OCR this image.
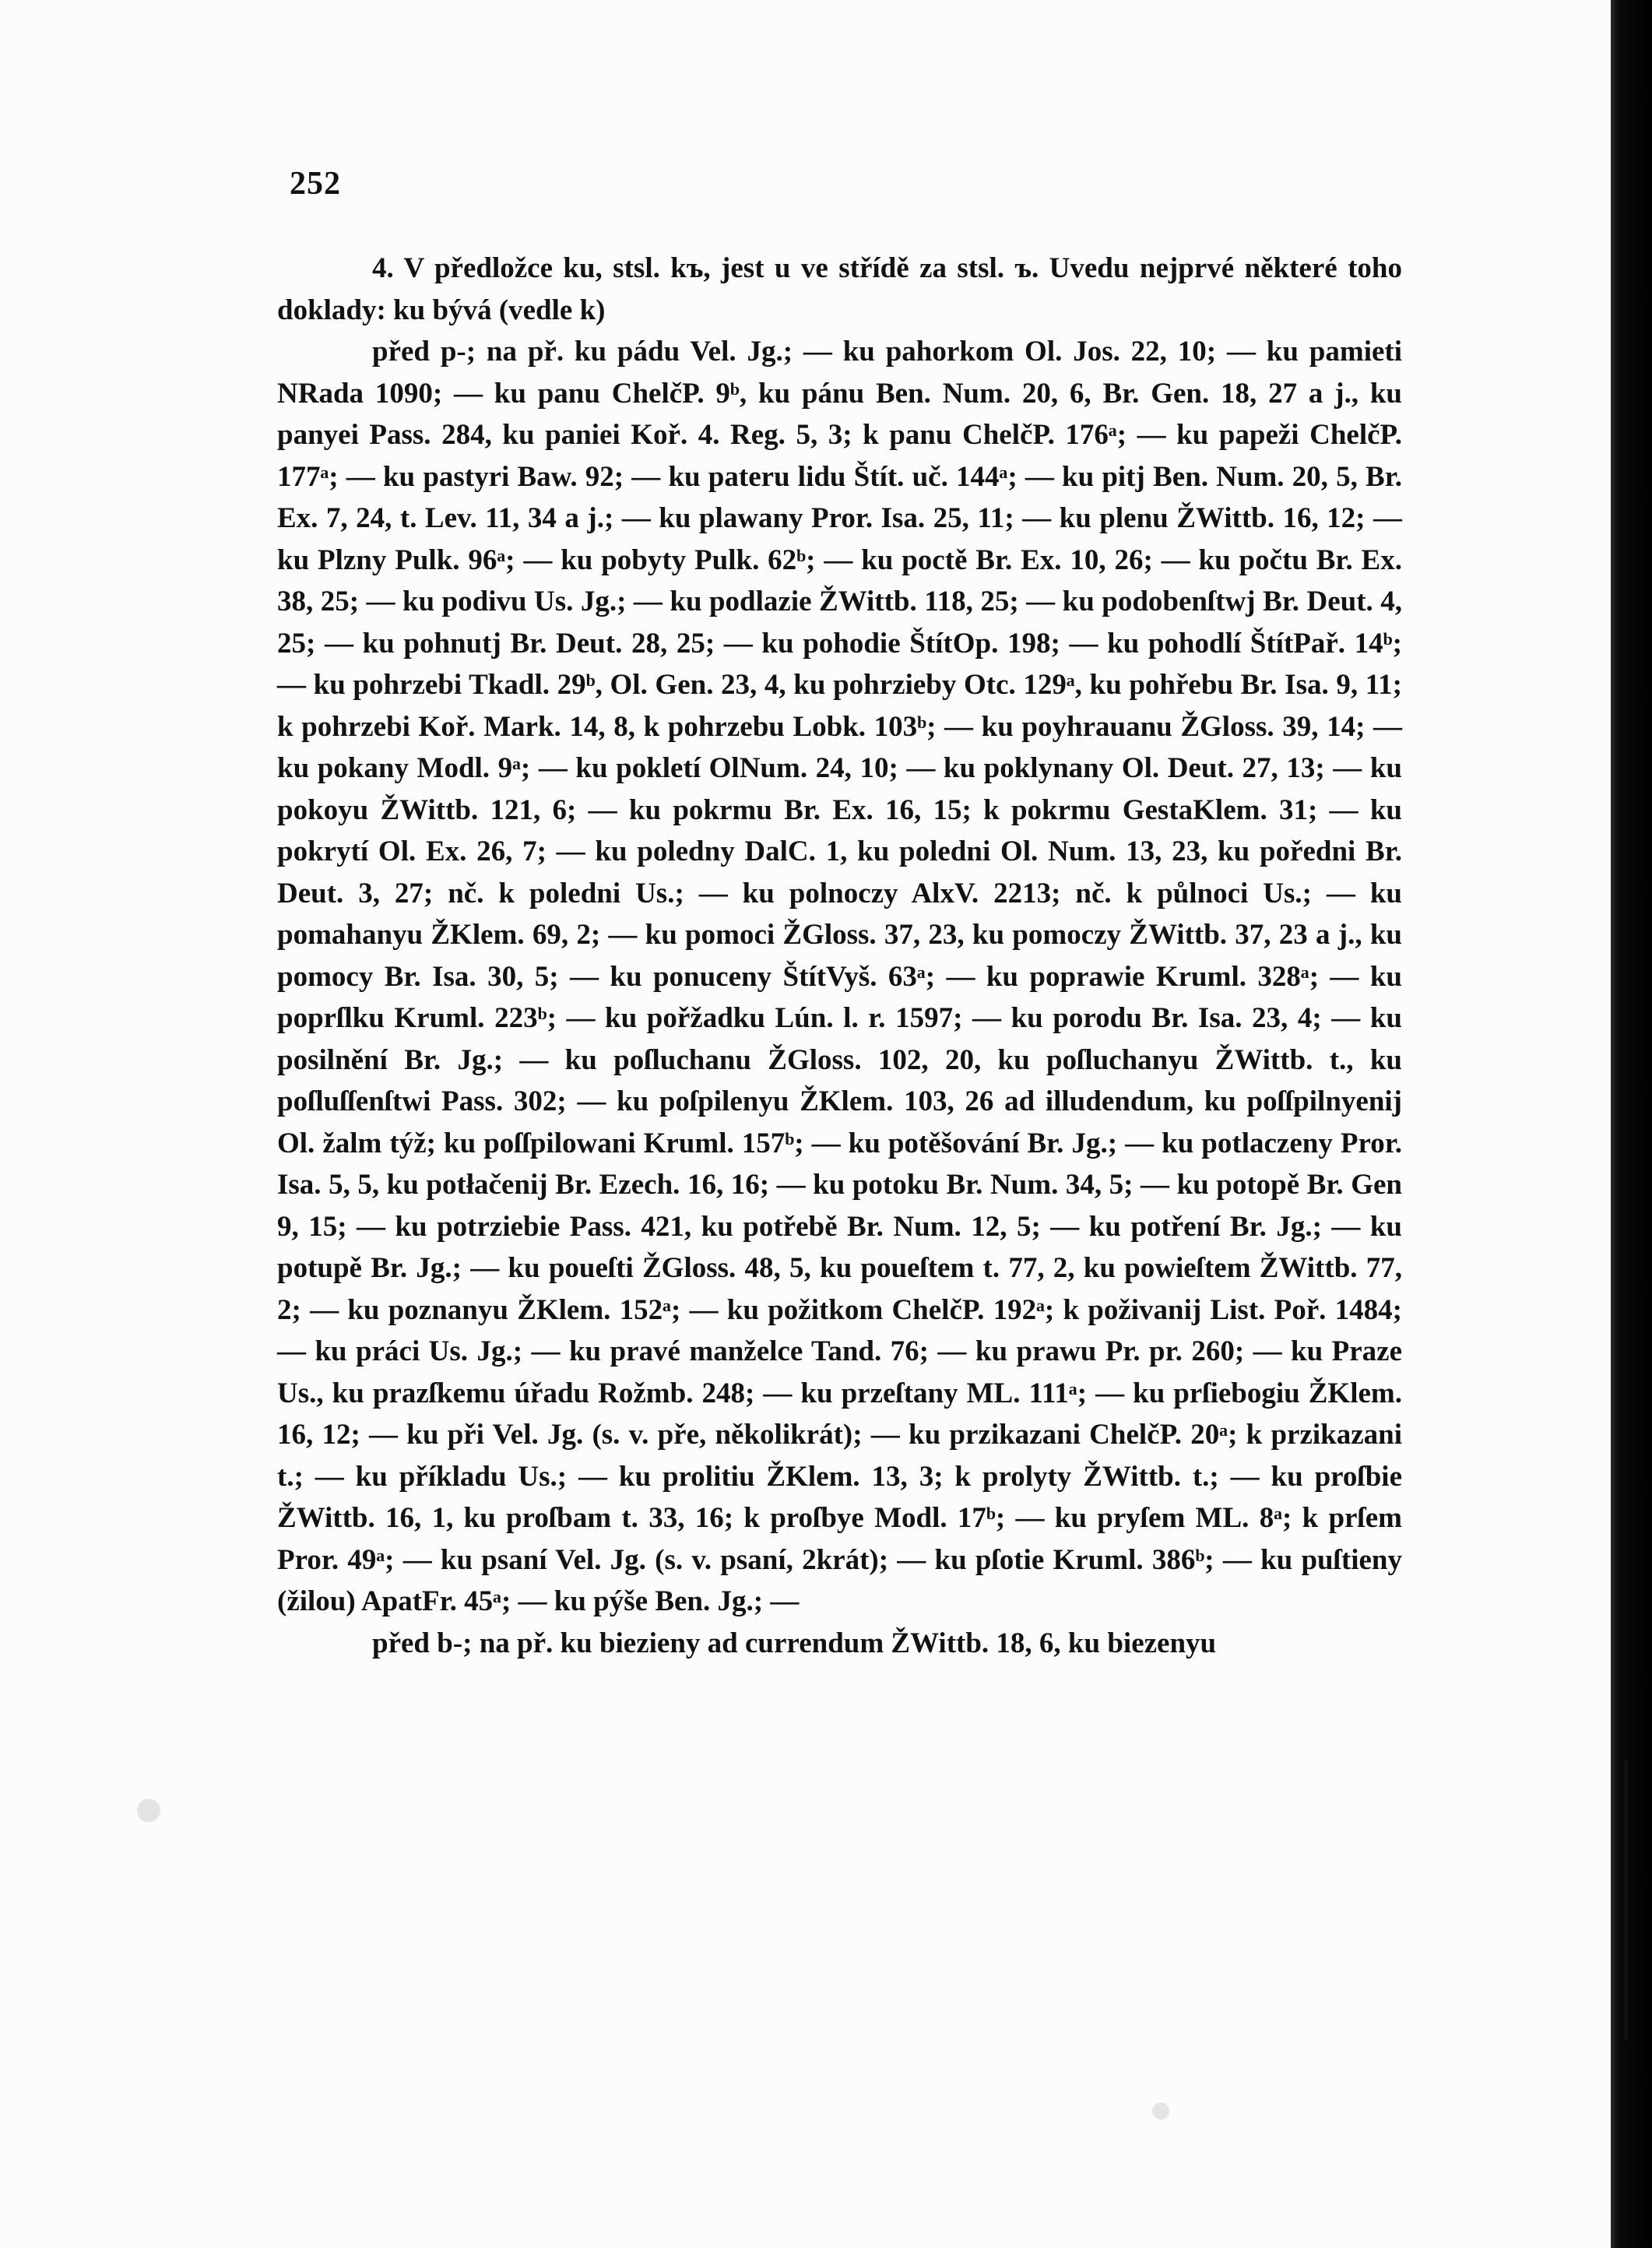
252

4. V předložce ku, stsl. kъ, jest u ve střídě za stsl. ъ. Uvedu nejprvé některé toho doklady: ku bývá (vedle k)

před p-; na př. ku pádu Vel. Jg.; — ku pahorkom Ol. Jos. 22, 10; — ku pamieti NRada 1090; — ku panu ChelčP. 9ᵇ, ku pánu Ben. Num. 20, 6, Br. Gen. 18, 27 a j., ku panyei Pass. 284, ku paniei Koř. 4. Reg. 5, 3; k panu ChelčP. 176ᵃ; — ku papeži ChelčP. 177ᵃ; — ku pastyri Baw. 92; — ku pateru lidu Štít. uč. 144ᵃ; — ku pitj Ben. Num. 20, 5, Br. Ex. 7, 24, t. Lev. 11, 34 a j.; — ku plawany Pror. Isa. 25, 11; — ku plenu ŽWittb. 16, 12; — ku Plzny Pulk. 96ᵃ; — ku pobyty Pulk. 62ᵇ; — ku poctě Br. Ex. 10, 26; — ku počtu Br. Ex. 38, 25; — ku podivu Us. Jg.; — ku podlazie ŽWittb. 118, 25; — ku podobenſtwj Br. Deut. 4, 25; — ku pohnutj Br. Deut. 28, 25; — ku pohodie ŠtítOp. 198; — ku pohodlí ŠtítPař. 14ᵇ; — ku pohrzebi Tkadl. 29ᵇ, Ol. Gen. 23, 4, ku pohrzieby Otc. 129ᵃ, ku pohřebu Br. Isa. 9, 11; k pohrzebi Koř. Mark. 14, 8, k pohrzebu Lobk. 103ᵇ; — ku poyhrauanu ŽGloss. 39, 14; — ku pokany Modl. 9ᵃ; — ku pokletí OlNum. 24, 10; — ku poklynany Ol. Deut. 27, 13; — ku pokoyu ŽWittb. 121, 6; — ku pokrmu Br. Ex. 16, 15; k pokrmu GestaKlem. 31; — ku pokrytí Ol. Ex. 26, 7; — ku poledny DalC. 1, ku poledni Ol. Num. 13, 23, ku poředni Br. Deut. 3, 27; nč. k poledni Us.; — ku polnoczy AlxV. 2213; nč. k půlnoci Us.; — ku pomahanyu ŽKlem. 69, 2; — ku pomoci ŽGloss. 37, 23, ku pomoczy ŽWittb. 37, 23 a j., ku pomocy Br. Isa. 30, 5; — ku ponuceny ŠtítVyš. 63ᵃ; — ku poprawie Kruml. 328ᵃ; — ku poprſlku Kruml. 223ᵇ; — ku pořžadku Lún. l. r. 1597; — ku porodu Br. Isa. 23, 4; — ku posilnění Br. Jg.; — ku poſluchanu ŽGloss. 102, 20, ku poſluchanyu ŽWittb. t., ku poſluſſenſtwi Pass. 302; — ku poſpilenyu ŽKlem. 103, 26 ad illudendum, ku poſſpilnyenij Ol. žalm týž; ku poſſpilowani Kruml. 157ᵇ; — ku potěšování Br. Jg.; — ku potlaczeny Pror. Isa. 5, 5, ku potłačenij Br. Ezech. 16, 16; — ku potoku Br. Num. 34, 5; — ku potopě Br. Gen 9, 15; — ku potrziebie Pass. 421, ku potřebě Br. Num. 12, 5; — ku potření Br. Jg.; — ku potupě Br. Jg.; — ku poueſti ŽGloss. 48, 5, ku poueſtem t. 77, 2, ku powieſtem ŽWittb. 77, 2; — ku poznanyu ŽKlem. 152ᵃ; — ku požitkom ChelčP. 192ᵃ; k poživanij List. Poř. 1484; — ku práci Us. Jg.; — ku pravé manželce Tand. 76; — ku prawu Pr. pr. 260; — ku Praze Us., ku prazſkemu úřadu Rožmb. 248; — ku przeſtany ML. 111ᵃ; — ku prſiebogiu ŽKlem. 16, 12; — ku při Vel. Jg. (s. v. pře, několikrát); — ku przikazani ChelčP. 20ᵃ; k przikazani t.; — ku příkladu Us.; — ku prolitiu ŽKlem. 13, 3; k prolyty ŽWittb. t.; — ku proſbie ŽWittb. 16, 1, ku proſbam t. 33, 16; k proſbye Modl. 17ᵇ; — ku pryſem ML. 8ᵃ; k prſem Pror. 49ᵃ; — ku psaní Vel. Jg. (s. v. psaní, 2krát); — ku pſotie Kruml. 386ᵇ; — ku puſtieny (žilou) ApatFr. 45ᵃ; — ku pýše Ben. Jg.; —

před b-; na př. ku biezieny ad currendum ŽWittb. 18, 6, ku biezenyu
